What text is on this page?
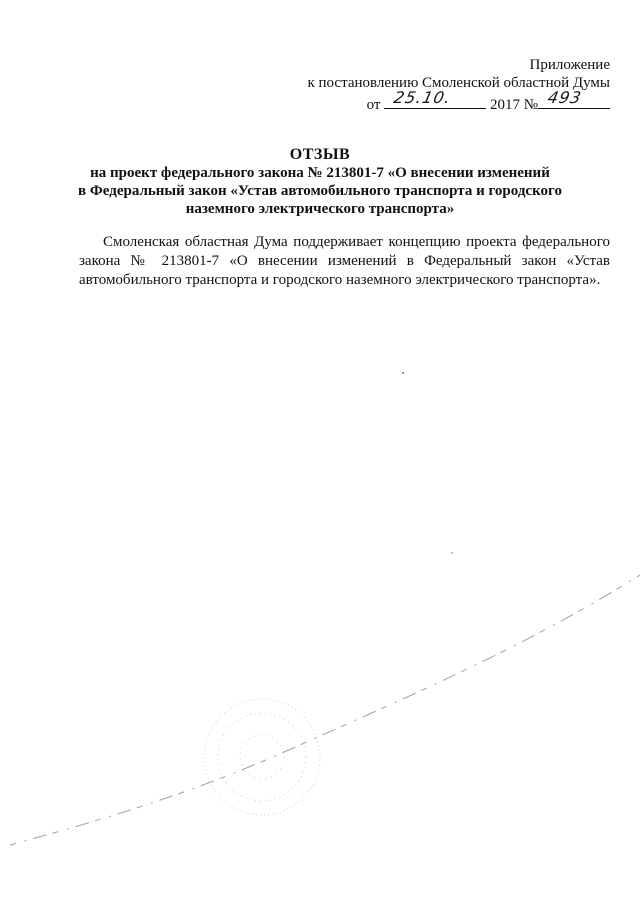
Приложение
к постановлению Смоленской областной Думы
от 25.10. 2017 № 493
ОТЗЫВ
на проект федерального закона № 213801-7 «О внесении изменений
в Федеральный закон «Устав автомобильного транспорта и городского
наземного электрического транспорта»
Смоленская областная Дума поддерживает концепцию проекта федерального закона № 213801-7 «О внесении изменений в Федеральный закон «Устав автомобильного транспорта и городского наземного электрического транспорта».
